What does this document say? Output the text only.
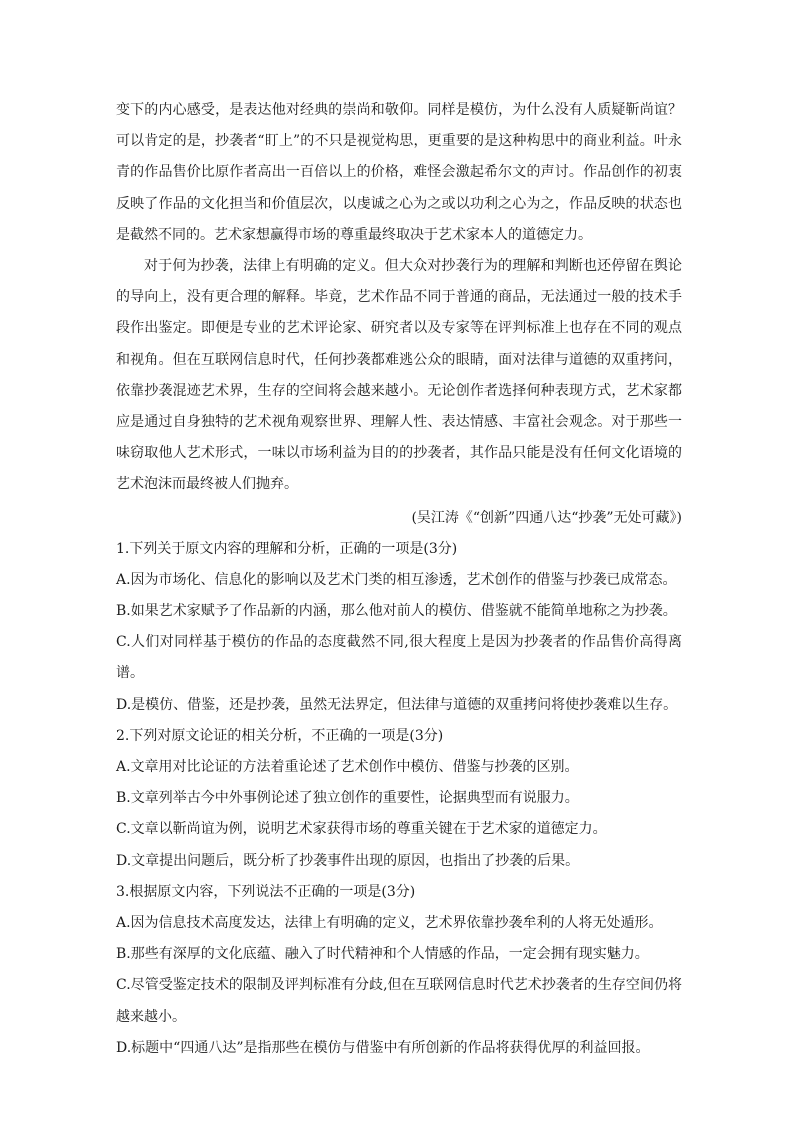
变下的内心感受，是表达他对经典的崇尚和敬仰。同样是模仿，为什么没有人质疑靳尚谊？可以肯定的是，抄袭者“盯上”的不只是视觉构思，更重要的是这种构思中的商业利益。叶永青的作品售价比原作者高出一百倍以上的价格，难怪会激起希尔文的声讨。作品创作的初衷反映了作品的文化担当和价值层次，以虔诚之心为之或以功利之心为之，作品反映的状态也是截然不同的。艺术家想赢得市场的尊重最终取决于艺术家本人的道德定力。

对于何为抄袭，法律上有明确的定义。但大众对抄袭行为的理解和判断也还停留在舆论的导向上，没有更合理的解释。毕竟，艺术作品不同于普通的商品，无法通过一般的技术手段作出鉴定。即便是专业的艺术评论家、研究者以及专家等在评判标准上也存在不同的观点和视角。但在互联网信息时代，任何抄袭都难逃公众的眼睛，面对法律与道德的双重拷问，依靠抄袭混迹艺术界，生存的空间将会越来越小。无论创作者选择何种表现方式，艺术家都应是通过自身独特的艺术视角观察世界、理解人性、表达情感、丰富社会观念。对于那些一味窃取他人艺术形式，一味以市场利益为目的的抄袭者，其作品只能是没有任何文化语境的艺术泡沫而最终被人们抛弃。

(吴江涛《“创新”四通八达“抄袭”无处可藏》)

1.下列关于原文内容的理解和分析，正确的一项是(3分)

A.因为市场化、信息化的影响以及艺术门类的相互渗透，艺术创作的借鉴与抄袭已成常态。

B.如果艺术家赋予了作品新的内涵，那么他对前人的模仿、借鉴就不能简单地称之为抄袭。

C.人们对同样基于模仿的作品的态度截然不同,很大程度上是因为抄袭者的作品售价高得离谱。

D.是模仿、借鉴，还是抄袭，虽然无法界定，但法律与道德的双重拷问将使抄袭难以生存。

2.下列对原文论证的相关分析，不正确的一项是(3分)

A.文章用对比论证的方法着重论述了艺术创作中模仿、借鉴与抄袭的区别。

B.文章列举古今中外事例论述了独立创作的重要性，论据典型而有说服力。

C.文章以靳尚谊为例，说明艺术家获得市场的尊重关键在于艺术家的道德定力。

D.文章提出问题后，既分析了抄袭事件出现的原因，也指出了抄袭的后果。

3.根据原文内容，下列说法不正确的一项是(3分)

A.因为信息技术高度发达，法律上有明确的定义，艺术界依靠抄袭牟利的人将无处遁形。

B.那些有深厚的文化底蕴、融入了时代精神和个人情感的作品，一定会拥有现实魅力。

C.尽管受鉴定技术的限制及评判标准有分歧,但在互联网信息时代艺术抄袭者的生存空间仍将越来越小。

D.标题中“四通八达”是指那些在模仿与借鉴中有所创新的作品将获得优厚的利益回报。
